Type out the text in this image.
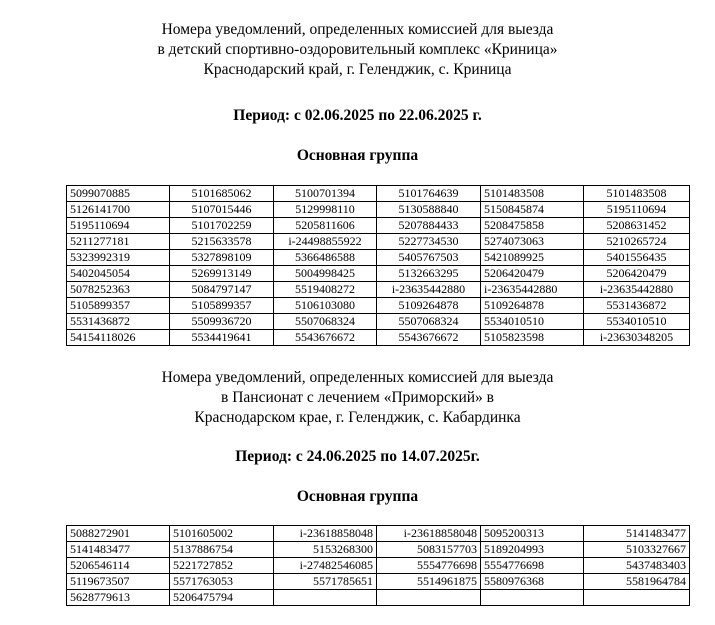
Номера уведомлений, определенных комиссией для выезда
в детский спортивно-оздоровительный комплекс «Криница»
Краснодарский край, г. Геленджик, с. Криница
Период: с 02.06.2025 по 22.06.2025 г.
Основная группа
5099070885	5101685062	5100701394	5101764639	5101483508	5101483508
5126141700	5107015446	5129998110	5130588840	5150845874	5195110694
5195110694	5101702259	5205811606	5207884433	5208475858	5208631452
5211277181	5215633578	i-24498855922	5227734530	5274073063	5210265724
5323992319	5327898109	5366486588	5405767503	5421089925	5401556435
5402045054	5269913149	5004998425	5132663295	5206420479	5206420479
5078252363	5084797147	5519408272	i-23635442880	i-23635442880	i-23635442880
5105899357	5105899357	5106103080	5109264878	5109264878	5531436872
5531436872	5509936720	5507068324	5507068324	5534010510	5534010510
54154118026	5534419641	5543676672	5543676672	5105823598	i-23630348205
Номера уведомлений, определенных комиссией для выезда
в Пансионат с лечением «Приморский» в
Краснодарском крае, г. Геленджик, с. Кабардинка
Период: с 24.06.2025 по 14.07.2025г.
Основная группа
5088272901	5101605002	i-23618858048	i-23618858048	5095200313	5141483477
5141483477	5137886754	5153268300	5083157703	5189204993	5103327667
5206546114	5221727852	i-27482546085	5554776698	5554776698	5437483403
5119673507	5571763053	5571785651	5514961875	5580976368	5581964784
5628779613	5206475794				
